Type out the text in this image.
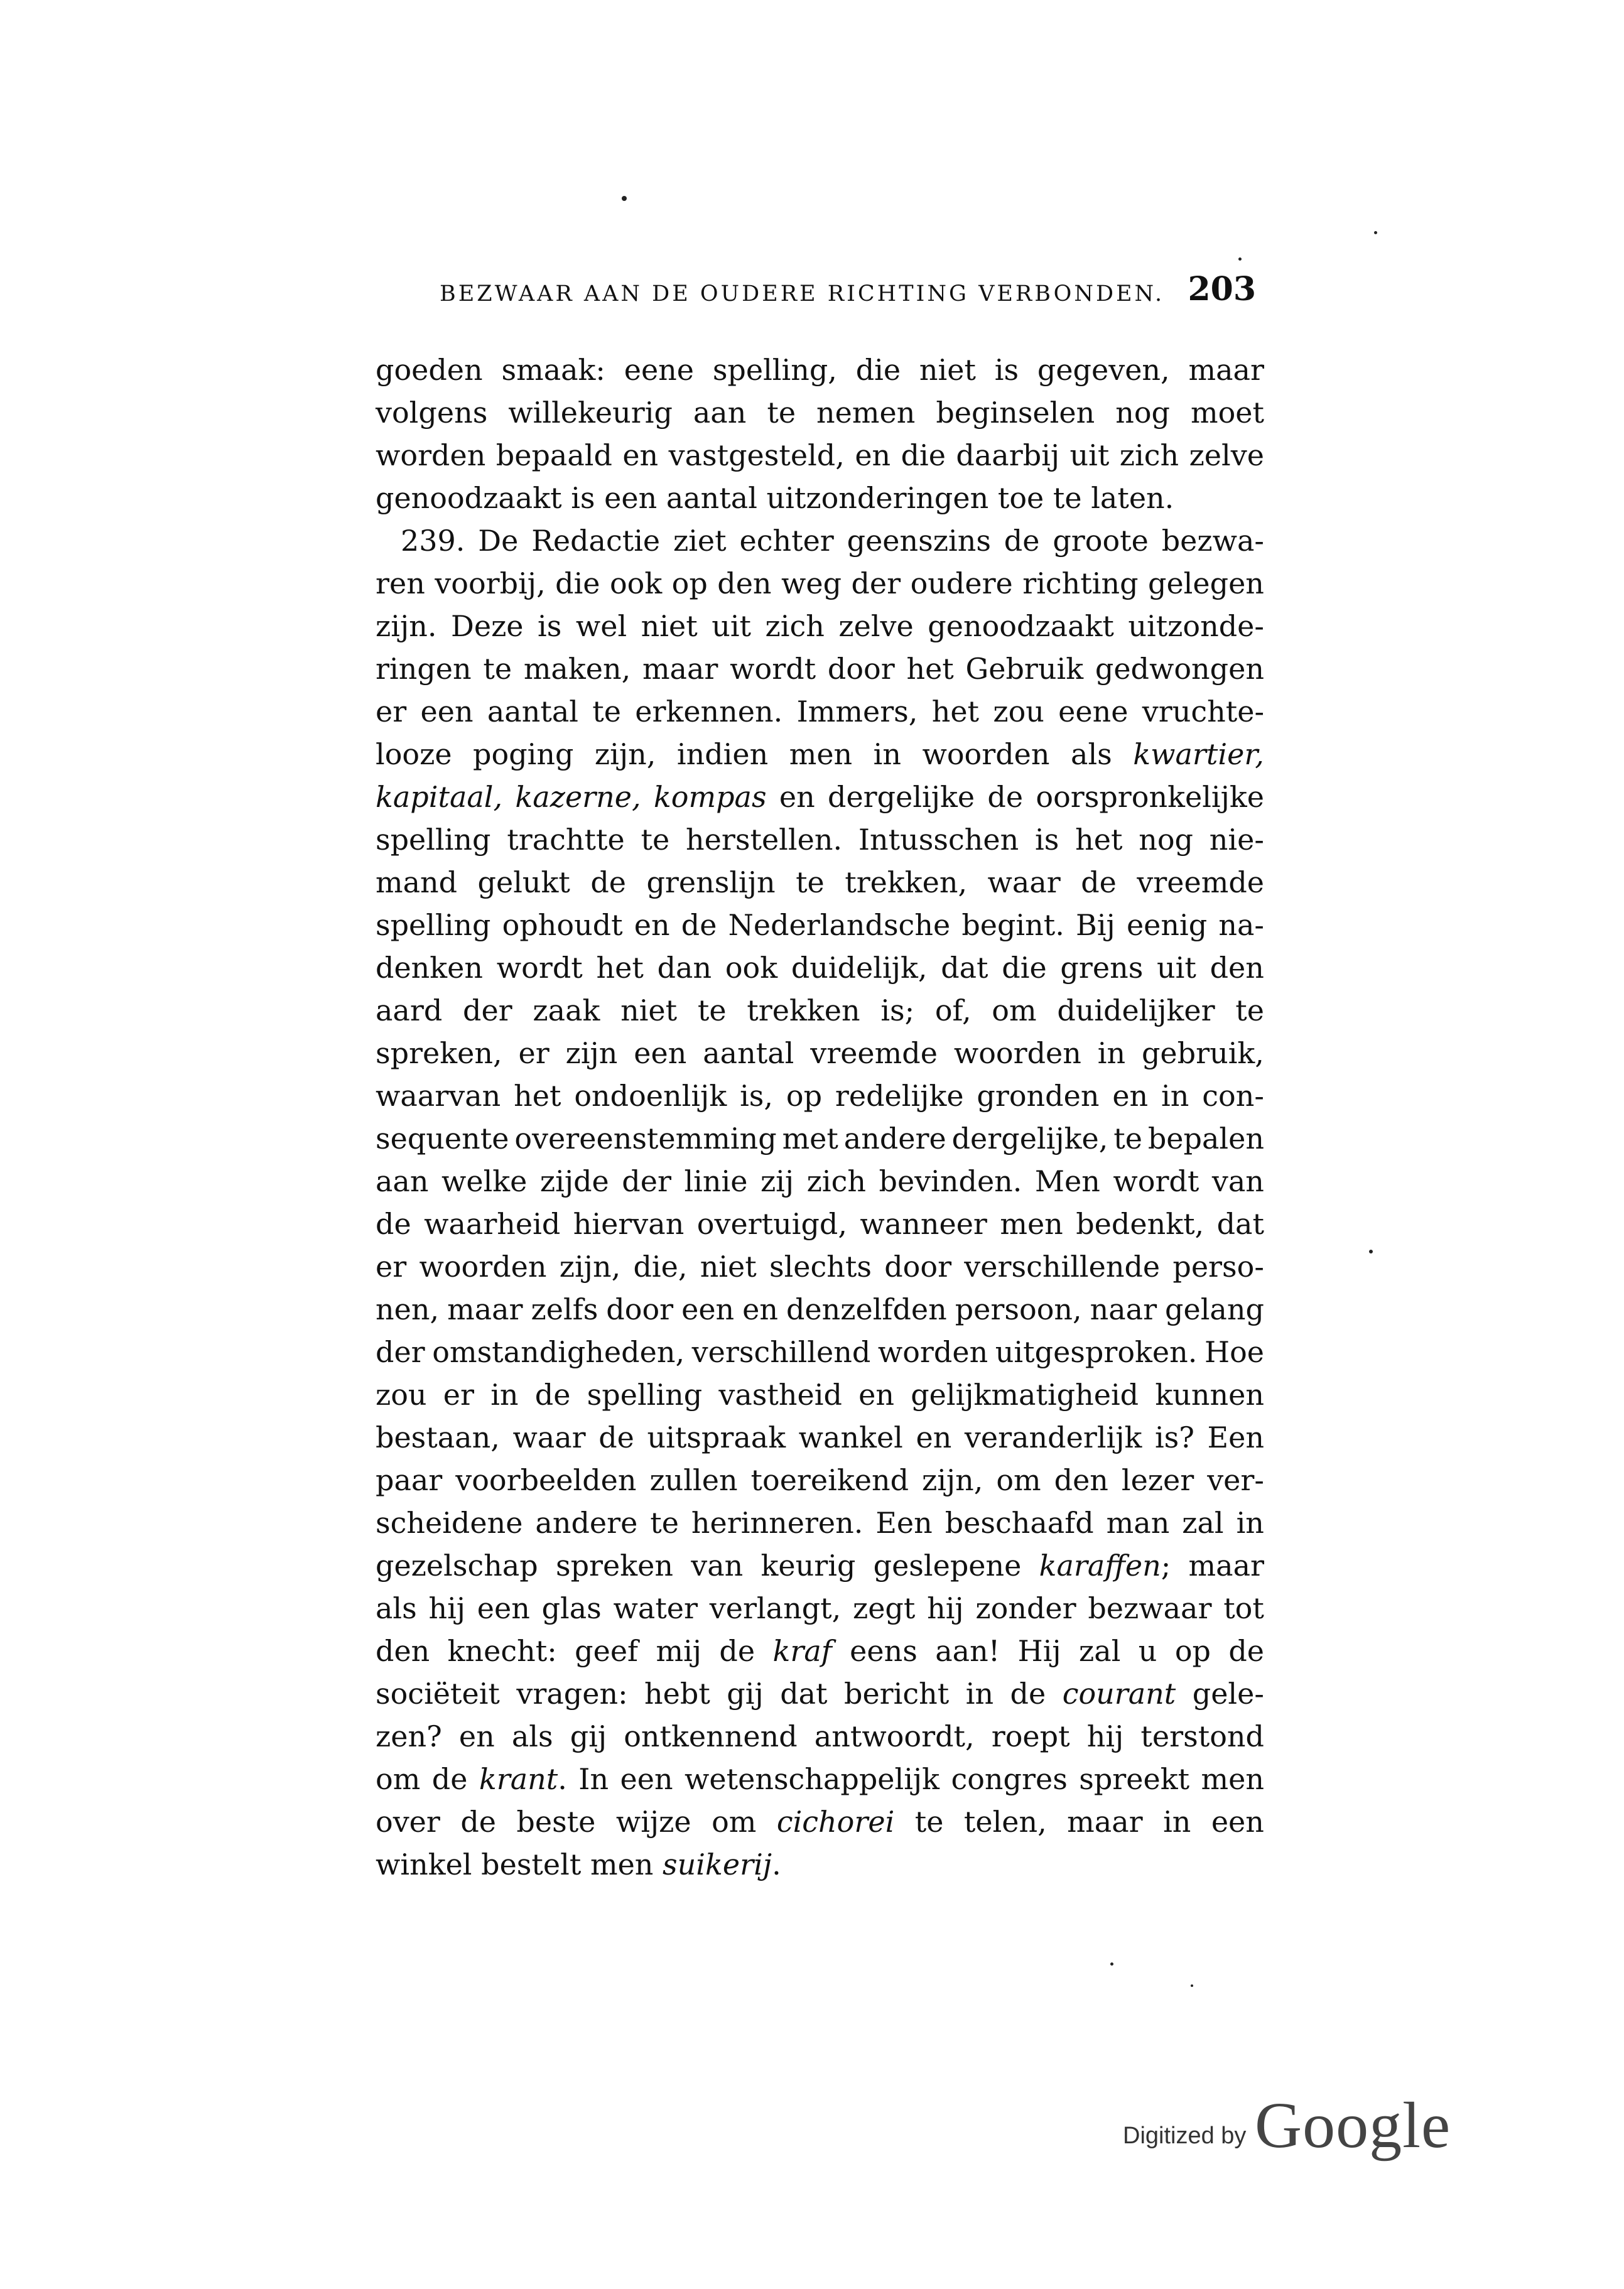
BEZWAAR AAN DE OUDERE RICHTING VERBONDEN. 203
goeden smaak: eene spelling, die niet is gegeven, maar
volgens willekeurig aan te nemen beginselen nog moet
worden bepaald en vastgesteld, en die daarbij uit zich zelve
genoodzaakt is een aantal uitzonderingen toe te laten.
239. De Redactie ziet echter geenszins de groote bezwa-
ren voorbij, die ook op den weg der oudere richting gelegen
zijn. Deze is wel niet uit zich zelve genoodzaakt uitzonde-
ringen te maken, maar wordt door het Gebruik gedwongen
er een aantal te erkennen. Immers, het zou eene vruchte-
looze poging zijn, indien men in woorden als kwartier,
kapitaal, kazerne, kompas en dergelijke de oorspronkelijke
spelling trachtte te herstellen. Intusschen is het nog nie-
mand gelukt de grenslijn te trekken, waar de vreemde
spelling ophoudt en de Nederlandsche begint. Bij eenig na-
denken wordt het dan ook duidelijk, dat die grens uit den
aard der zaak niet te trekken is; of, om duidelijker te
spreken, er zijn een aantal vreemde woorden in gebruik,
waarvan het ondoenlijk is, op redelijke gronden en in con-
sequente overeenstemming met andere dergelijke, te bepalen
aan welke zijde der linie zij zich bevinden. Men wordt van
de waarheid hiervan overtuigd, wanneer men bedenkt, dat
er woorden zijn, die, niet slechts door verschillende perso-
nen, maar zelfs door een en denzelfden persoon, naar gelang
der omstandigheden, verschillend worden uitgesproken. Hoe
zou er in de spelling vastheid en gelijkmatigheid kunnen
bestaan, waar de uitspraak wankel en veranderlijk is? Een
paar voorbeelden zullen toereikend zijn, om den lezer ver-
scheidene andere te herinneren. Een beschaafd man zal in
gezelschap spreken van keurig geslepene karaffen; maar
als hij een glas water verlangt, zegt hij zonder bezwaar tot
den knecht: geef mij de kraf eens aan! Hij zal u op de
sociëteit vragen: hebt gij dat bericht in de courant gele-
zen? en als gij ontkennend antwoordt, roept hij terstond
om de krant. In een wetenschappelijk congres spreekt men
over de beste wijze om cichorei te telen, maar in een
winkel bestelt men suikerij.
Digitized by Google
